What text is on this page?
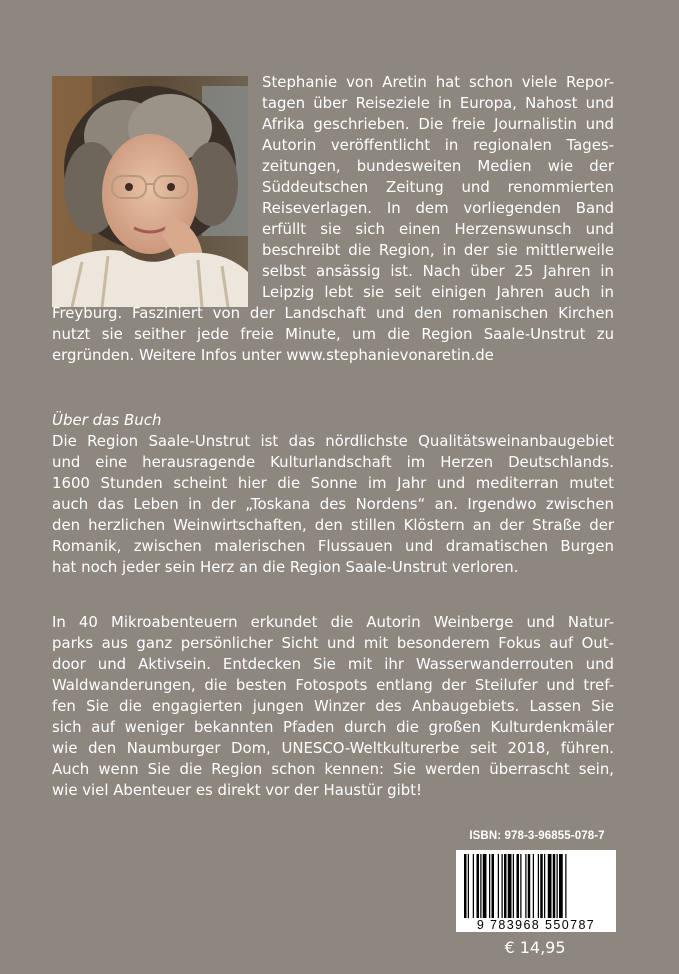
Stephanie von Aretin hat schon viele Repor-
tagen über Reiseziele in Europa, Nahost und
Afrika geschrieben. Die freie Journalistin und
Autorin veröffentlicht in regionalen Tages-
zeitungen, bundesweiten Medien wie der
Süddeutschen Zeitung und renommierten
Reiseverlagen. In dem vorliegenden Band
erfüllt sie sich einen Herzenswunsch und
beschreibt die Region, in der sie mittlerweile
selbst ansässig ist. Nach über 25 Jahren in
Leipzig lebt sie seit einigen Jahren auch in
Freyburg. Fasziniert von der Landschaft und den romanischen Kirchen
nutzt sie seither jede freie Minute, um die Region Saale-Unstrut zu
ergründen. Weitere Infos unter www.stephanievonaretin.de
Über das Buch
Die Region Saale-Unstrut ist das nördlichste Qualitätsweinanbaugebiet
und eine herausragende Kulturlandschaft im Herzen Deutschlands.
1600 Stunden scheint hier die Sonne im Jahr und mediterran mutet
auch das Leben in der „Toskana des Nordens“ an. Irgendwo zwischen
den herzlichen Weinwirtschaften, den stillen Klöstern an der Straße der
Romanik, zwischen malerischen Flussauen und dramatischen Burgen
hat noch jeder sein Herz an die Region Saale-Unstrut verloren.
In 40 Mikroabenteuern erkundet die Autorin Weinberge und Natur-
parks aus ganz persönlicher Sicht und mit besonderem Fokus auf Out-
door und Aktivsein. Entdecken Sie mit ihr Wasserwanderrouten und
Waldwanderungen, die besten Fotospots entlang der Steilufer und tref-
fen Sie die engagierten jungen Winzer des Anbaugebiets. Lassen Sie
sich auf weniger bekannten Pfaden durch die großen Kulturdenkmäler
wie den Naumburger Dom, UNESCO-Weltkulturerbe seit 2018, führen.
Auch wenn Sie die Region schon kennen: Sie werden überrascht sein,
wie viel Abenteuer es direkt vor der Haustür gibt!
ISBN: 978-3-96855-078-7
9 783968 550787
€ 14,95
